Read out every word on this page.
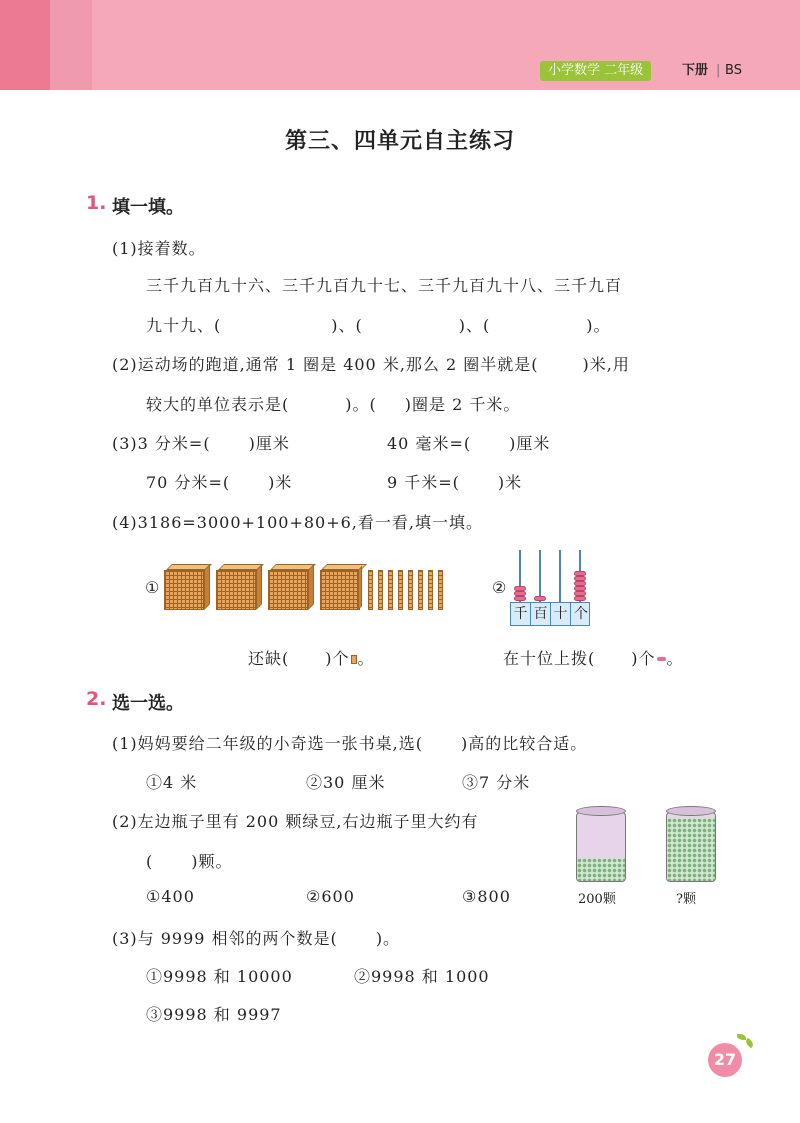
小学数学 二年级	下册 | BS
第三、四单元自主练习
1. 填一填。
(1)接着数。
三千九百九十六、三千九百九十七、三千九百九十八、三千九百
九十九、(	)、(	)、(	)。
(2)运动场的跑道,通常 1 圈是 400 米,那么 2 圈半就是(	)米,用
较大的单位表示是(	)。( )圈是 2 千米。
(3)3 分米=( )厘米	40 毫米=( )厘米
70 分米=( )米	9 千米=( )米
(4)3186=3000+100+80+6,看一看,填一填。
①	②
千 百 十 个
还缺( )个 。	在十位上拨( )个 。
2. 选一选。
(1)妈妈要给二年级的小奇选一张书桌,选( )高的比较合适。
①4 米	②30 厘米	③7 分米
(2)左边瓶子里有 200 颗绿豆,右边瓶子里大约有
( )颗。
①400	②600	③800	200颗	?颗
(3)与 9999 相邻的两个数是( )。
①9998 和 10000	②9998 和 1000
③9998 和 9997
27
